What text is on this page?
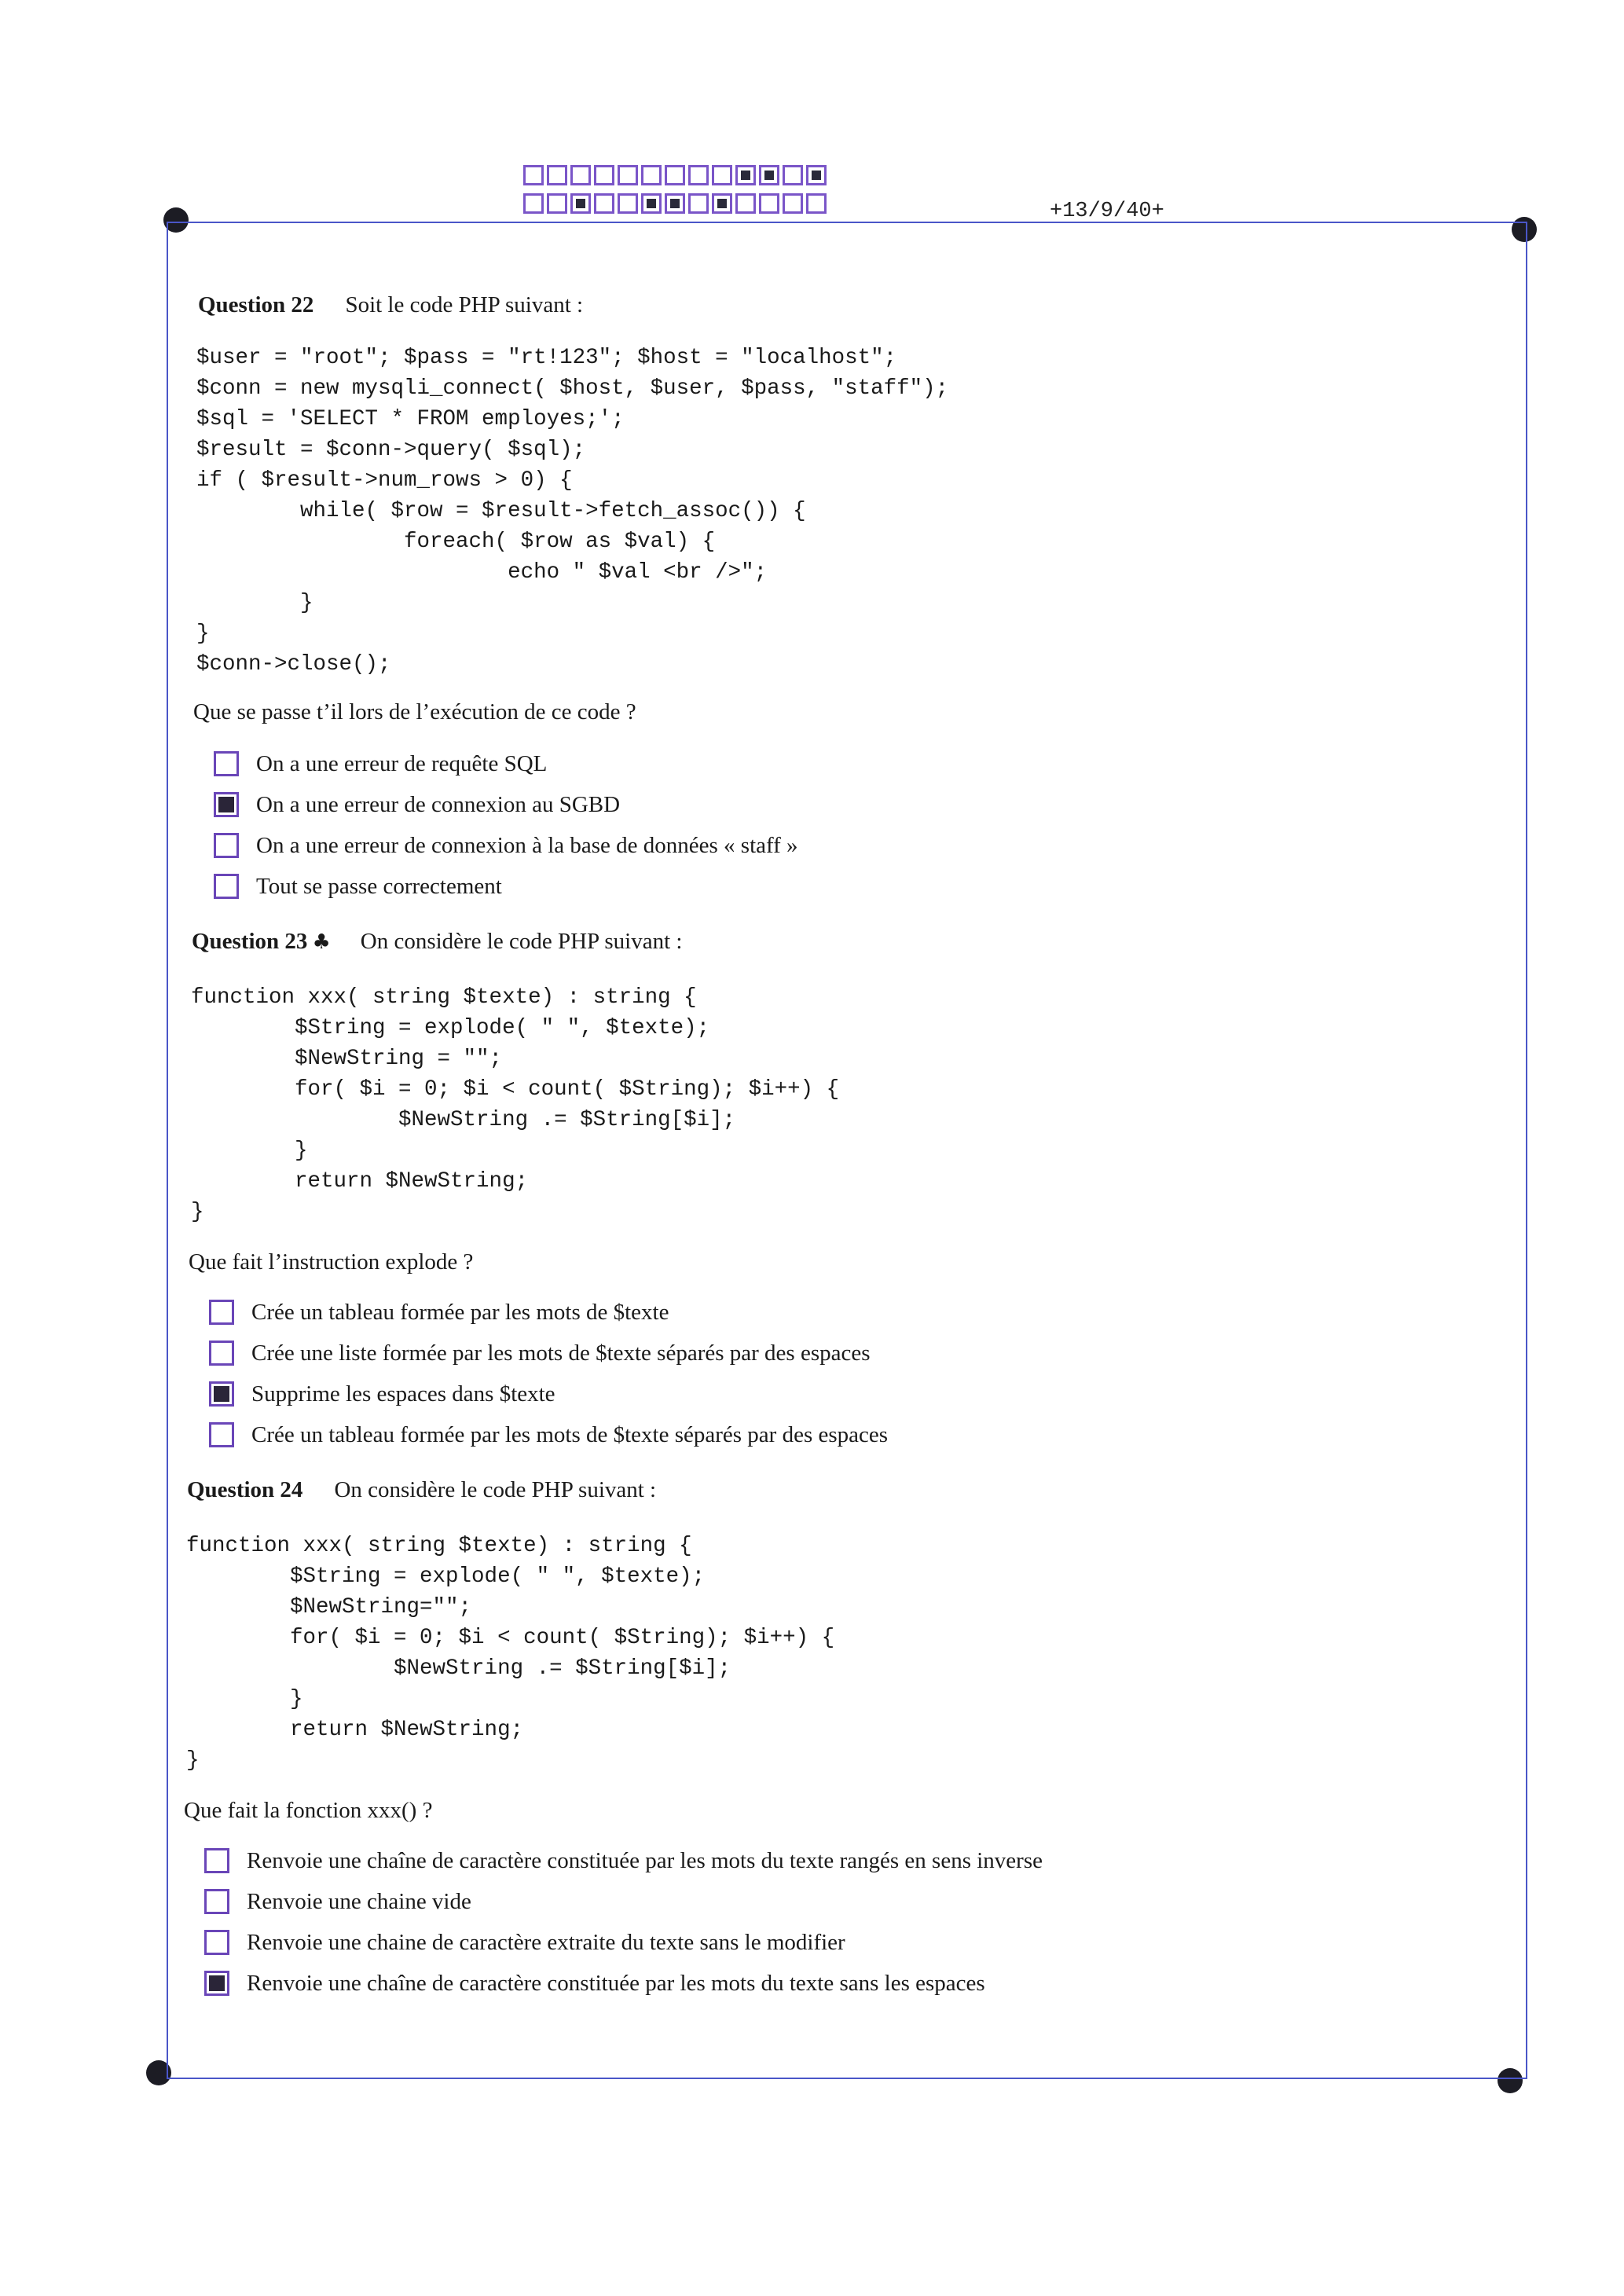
+13/9/40+
Question 22 Soit le code PHP suivant :
$user = "root"; $pass = "rt!123"; $host = "localhost";
$conn = new mysqli_connect( $host, $user, $pass, "staff");
$sql = 'SELECT * FROM employes;';
$result = $conn->query( $sql);
if ( $result->num_rows > 0) {
while( $row = $result->fetch_assoc()) {
foreach( $row as $val) {
echo " $val <br />";
}
}
$conn->close();
Que se passe t’il lors de l’exécution de ce code ?
On a une erreur de requête SQL
On a une erreur de connexion au SGBD
On a une erreur de connexion à la base de données « staff »
Tout se passe correctement
Question 23 ♣ On considère le code PHP suivant :
function xxx( string $texte) : string {
$String = explode( " ", $texte);
$NewString = "";
for( $i = 0; $i < count( $String); $i++) {
$NewString .= $String[$i];
}
return $NewString;
}
Que fait l’instruction explode ?
Crée un tableau formée par les mots de $texte
Crée une liste formée par les mots de $texte séparés par des espaces
Supprime les espaces dans $texte
Crée un tableau formée par les mots de $texte séparés par des espaces
Question 24 On considère le code PHP suivant :
function xxx( string $texte) : string {
$String = explode( " ", $texte);
$NewString="";
for( $i = 0; $i < count( $String); $i++) {
$NewString .= $String[$i];
}
return $NewString;
}
Que fait la fonction xxx() ?
Renvoie une chaîne de caractère constituée par les mots du texte rangés en sens inverse
Renvoie une chaine vide
Renvoie une chaine de caractère extraite du texte sans le modifier
Renvoie une chaîne de caractère constituée par les mots du texte sans les espaces
